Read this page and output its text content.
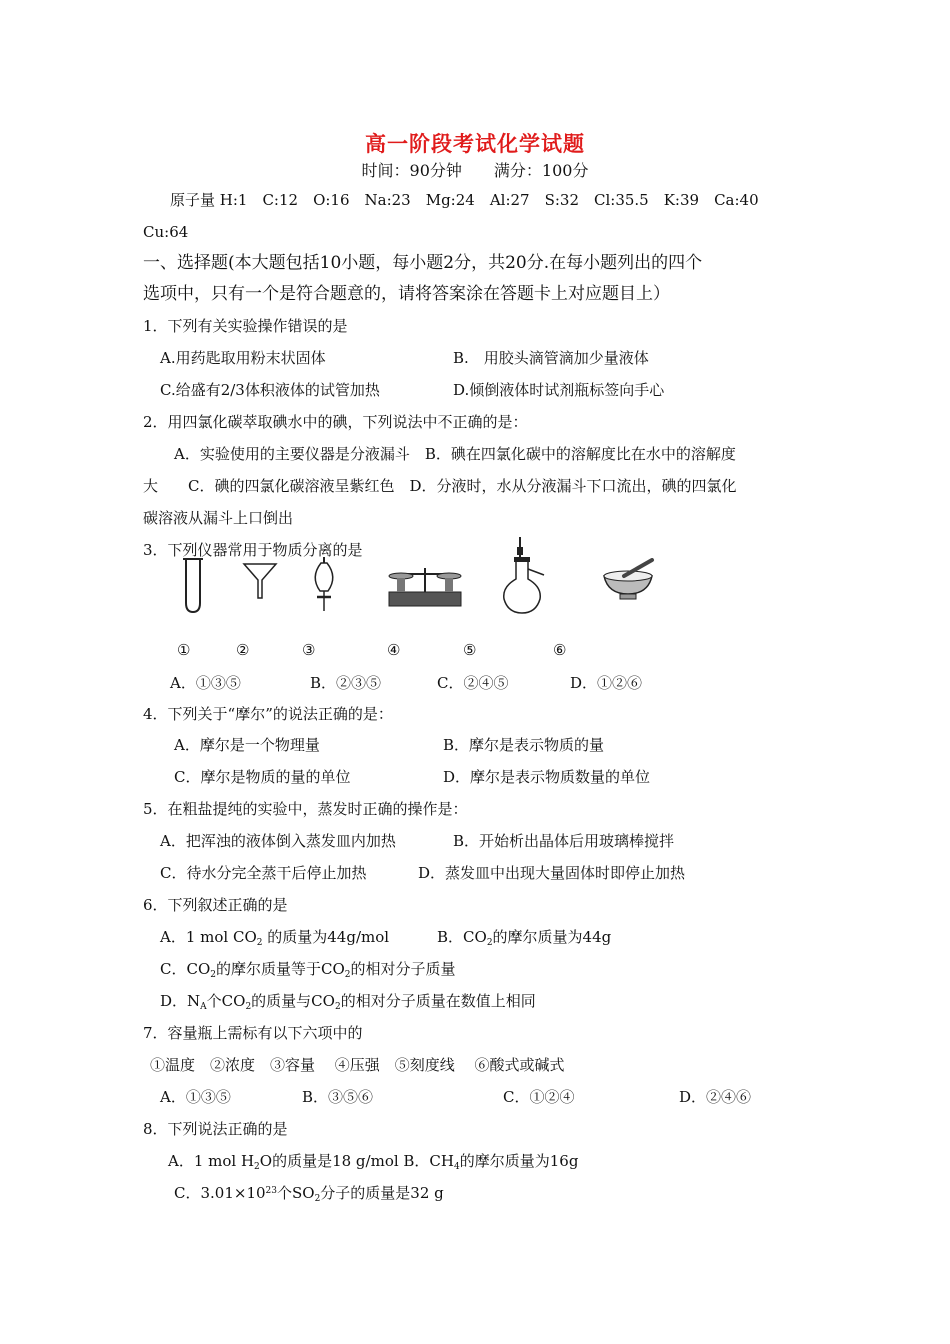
高一阶段考试化学试题
时间：90分钟　　满分：100分
原子量 H:1　C:12　O:16　Na:23　Mg:24　Al:27　S:32　Cl:35.5　K:39　Ca:40
Cu:64
一、选择题(本大题包括10小题，每小题2分，共20分.在每小题列出的四个
选项中，只有一个是符合题意的，请将答案涂在答题卡上对应题目上）
1．下列有关实验操作错误的是
A.用药匙取用粉末状固体	B.　用胶头滴管滴加少量液体
C.给盛有2/3体积液体的试管加热	D.倾倒液体时试剂瓶标签向手心
2．用四氯化碳萃取碘水中的碘，下列说法中不正确的是：
A．实验使用的主要仪器是分液漏斗　B．碘在四氯化碳中的溶解度比在水中的溶解度
大　　C．碘的四氯化碳溶液呈紫红色　D．分液时，水从分液漏斗下口流出，碘的四氯化
碳溶液从漏斗上口倒出
3．下列仪器常用于物质分离的是
①	②	③	④	⑤	⑥
A．①③⑤	B．②③⑤	C．②④⑤	D．①②⑥
4．下列关于“摩尔”的说法正确的是：
A．摩尔是一个物理量	B．摩尔是表示物质的量
C．摩尔是物质的量的单位	D．摩尔是表示物质数量的单位
5．在粗盐提纯的实验中，蒸发时正确的操作是：
A．把浑浊的液体倒入蒸发皿内加热	B．开始析出晶体后用玻璃棒搅拌
C．待水分完全蒸干后停止加热	D．蒸发皿中出现大量固体时即停止加热
6．下列叙述正确的是
A．1 mol $CO_2$ 的质量为44g/mol	B．$CO_2$的摩尔质量为44g
C．$CO_2$的摩尔质量等于$CO_2$的相对分子质量
D．$N_A$个$CO_2$的质量与$CO_2$的相对分子质量在数值上相同
7．容量瓶上需标有以下六项中的
①温度　②浓度　③容量　 ④压强　⑤刻度线　 ⑥酸式或碱式
A．①③⑤	B．③⑤⑥	C．①②④	D．②④⑥
8．下列说法正确的是
A．1 mol $H_2O$的质量是18 g/mol B．$CH_4$的摩尔质量为16g
C．$3.01\times 10^{23}$个$SO_2$分子的质量是32 g
